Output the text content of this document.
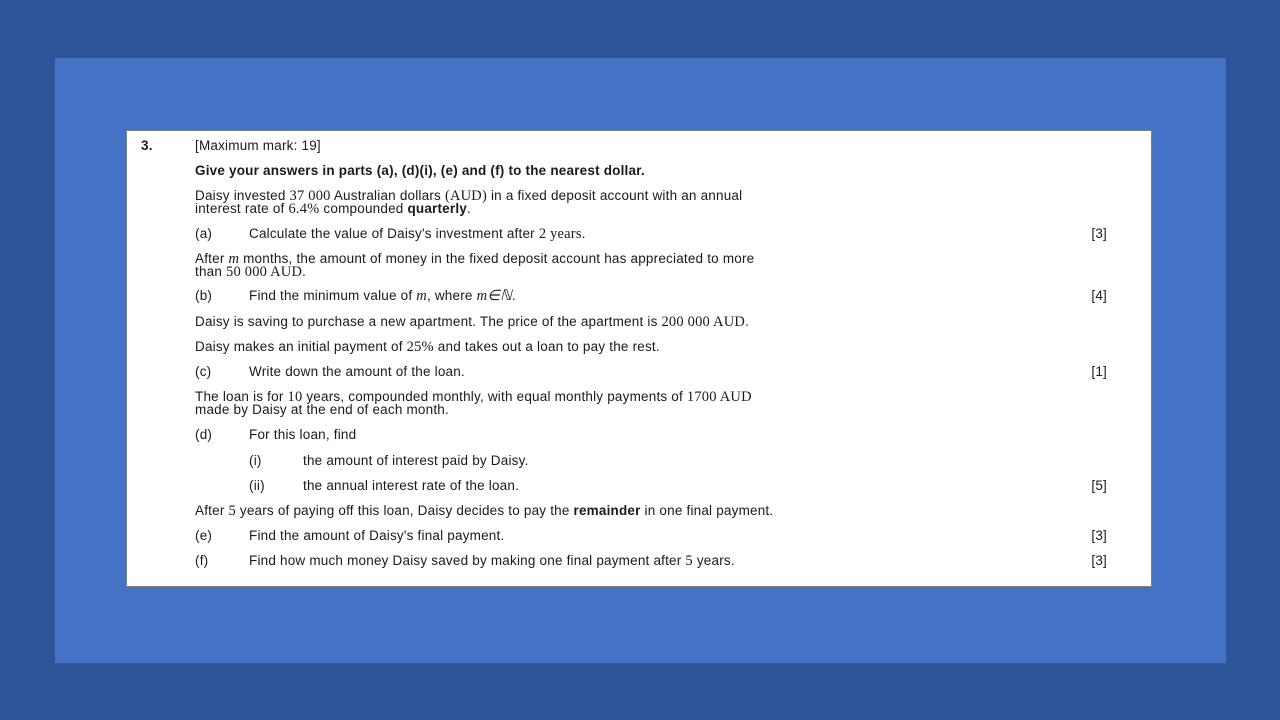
3.	[Maximum mark: 19]
Give your answers in parts (a), (d)(i), (e) and (f) to the nearest dollar.
Daisy invested 37 000 Australian dollars (AUD) in a fixed deposit account with an annual
interest rate of 6.4% compounded quarterly.
(a)	Calculate the value of Daisy's investment after 2 years.	[3]
After m months, the amount of money in the fixed deposit account has appreciated to more
than 50 000 AUD.
(b)	Find the minimum value of m, where m∈ℕ.	[4]
Daisy is saving to purchase a new apartment. The price of the apartment is 200 000 AUD.
Daisy makes an initial payment of 25% and takes out a loan to pay the rest.
(c)	Write down the amount of the loan.	[1]
The loan is for 10 years, compounded monthly, with equal monthly payments of 1700 AUD
made by Daisy at the end of each month.
(d)	For this loan, find
(i)	the amount of interest paid by Daisy.
(ii)	the annual interest rate of the loan.	[5]
After 5 years of paying off this loan, Daisy decides to pay the remainder in one final payment.
(e)	Find the amount of Daisy's final payment.	[3]
(f)	Find how much money Daisy saved by making one final payment after 5 years.	[3]
